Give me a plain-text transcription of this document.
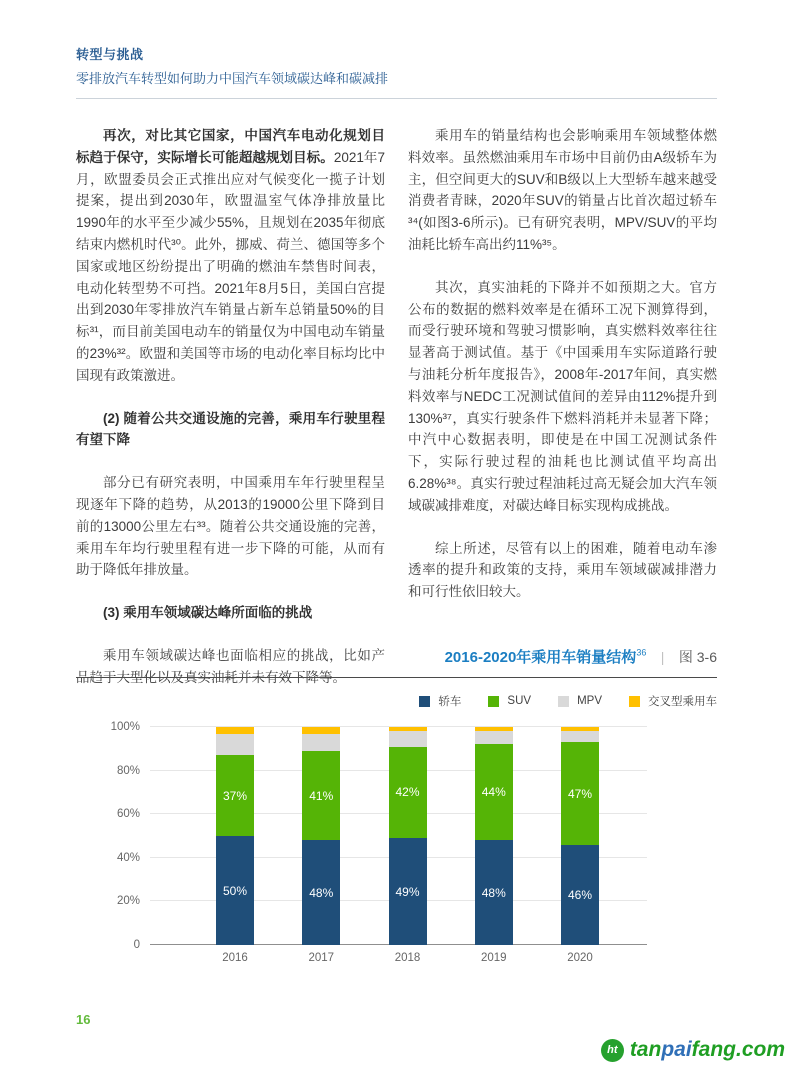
转型与挑战
零排放汽车转型如何助力中国汽车领域碳达峰和碳减排

再次，对比其它国家，中国汽车电动化规划目标趋于保守，实际增长可能超越规划目标。2021年7月，欧盟委员会正式推出应对气候变化一揽子计划提案，提出到2030年，欧盟温室气体净排放量比1990年的水平至少减少55%，且规划在2035年彻底结束内燃机时代³⁰。此外，挪威、荷兰、德国等多个国家或地区纷纷提出了明确的燃油车禁售时间表，电动化转型势不可挡。2021年8月5日，美国白宫提出到2030年零排放汽车销量占新车总销量50%的目标³¹，而目前美国电动车的销量仅为中国电动车销量的23%³²。欧盟和美国等市场的电动化率目标均比中国现有政策激进。

(2) 随着公共交通设施的完善，乘用车行驶里程有望下降

部分已有研究表明，中国乘用车年行驶里程呈现逐年下降的趋势，从2013的19000公里下降到目前的13000公里左右³³。随着公共交通设施的完善，乘用车年均行驶里程有进一步下降的可能，从而有助于降低年排放量。

(3) 乘用车领域碳达峰所面临的挑战

乘用车领域碳达峰也面临相应的挑战，比如产品趋于大型化以及真实油耗并未有效下降等。

乘用车的销量结构也会影响乘用车领域整体燃料效率。虽然燃油乘用车市场中目前仍由A级轿车为主，但空间更大的SUV和B级以上大型轿车越来越受消费者青睐，2020年SUV的销量占比首次超过轿车³⁴(如图3-6所示)。已有研究表明，MPV/SUV的平均油耗比轿车高出约11%³⁵。

其次，真实油耗的下降并不如预期之大。官方公布的数据的燃料效率是在循环工况下测算得到，而受行驶环境和驾驶习惯影响，真实燃料效率往往显著高于测试值。基于《中国乘用车实际道路行驶与油耗分析年度报告》，2008年-2017年间，真实燃料效率与NEDC工况测试值间的差异由112%提升到130%³⁷，真实行驶条件下燃料消耗并未显著下降；中汽中心数据表明，即使是在中国工况测试条件下，实际行驶过程的油耗也比测试值平均高出6.28%³⁸。真实行驶过程油耗过高无疑会加大汽车领域碳减排难度，对碳达峰目标实现构成挑战。

综上所述，尽管有以上的困难，随着电动车渗透率的提升和政策的支持，乘用车领域碳减排潜力和可行性依旧较大。

2016-2020年乘用车销量结构$^{36}$ | 图 3-6
轿车	SUV	MPV	交叉型乘用车
0
20%
40%
60%
80%
100%
50%
37%
48%
41%
49%
42%
48%
44%
46%
47%
2016	2017	2018	2019	2020
16
ht tanpaifang.com
